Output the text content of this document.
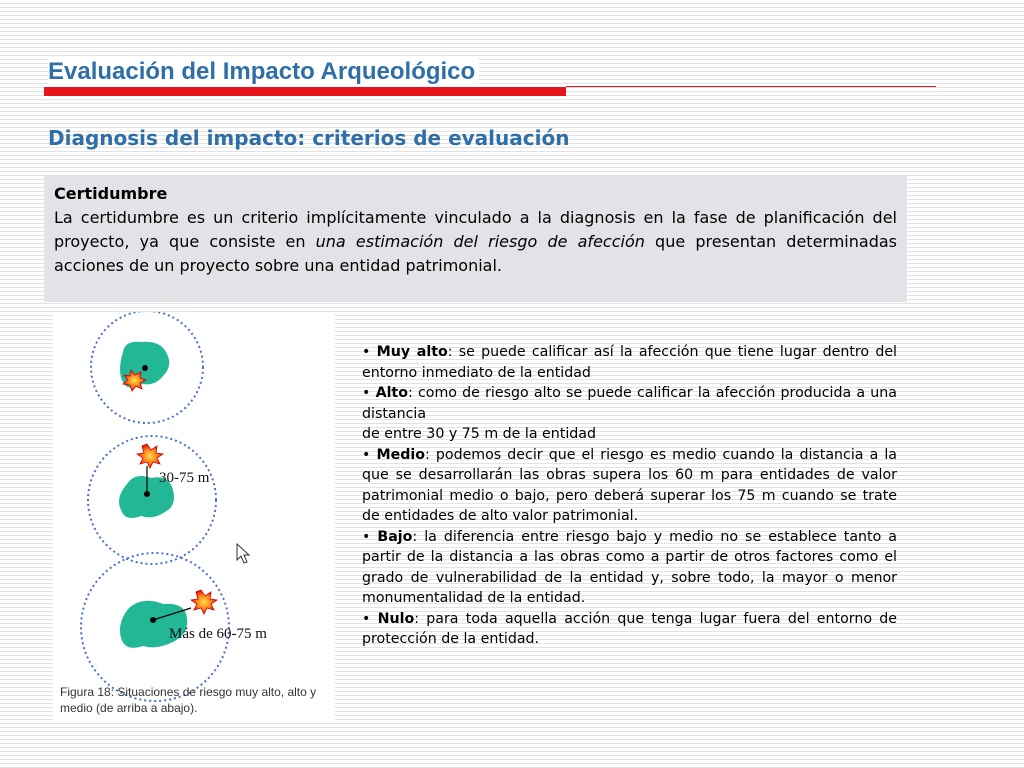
Evaluación del Impacto Arqueológico
Diagnosis del impacto: criterios de evaluación
Certidumbre
La certidumbre es un criterio implícitamente vinculado a la diagnosis en la fase de planificación del proyecto, ya que consiste en una estimación del riesgo de afección que presentan determinadas acciones de un proyecto sobre una entidad patrimonial.
30-75 m
Más de 60-75 m
Figura 18: Situaciones de riesgo muy alto, alto y medio (de arriba a abajo).

• Muy alto: se puede calificar así la afección que tiene lugar dentro del entorno inmediato de la entidad

• Alto: como de riesgo alto se puede calificar la afección producida a una distancia

de entre 30 y 75 m de la entidad

• Medio: podemos decir que el riesgo es medio cuando la distancia a la que se desarrollarán las obras supera los 60 m para entidades de valor patrimonial medio o bajo, pero deberá superar los 75 m cuando se trate de entidades de alto valor patrimonial.

• Bajo: la diferencia entre riesgo bajo y medio no se establece tanto a partir de la distancia a las obras como a partir de otros factores como el grado de vulnerabilidad de la entidad y, sobre todo, la mayor o menor monumentalidad de la entidad.

• Nulo: para toda aquella acción que tenga lugar fuera del entorno de protección de la entidad.
